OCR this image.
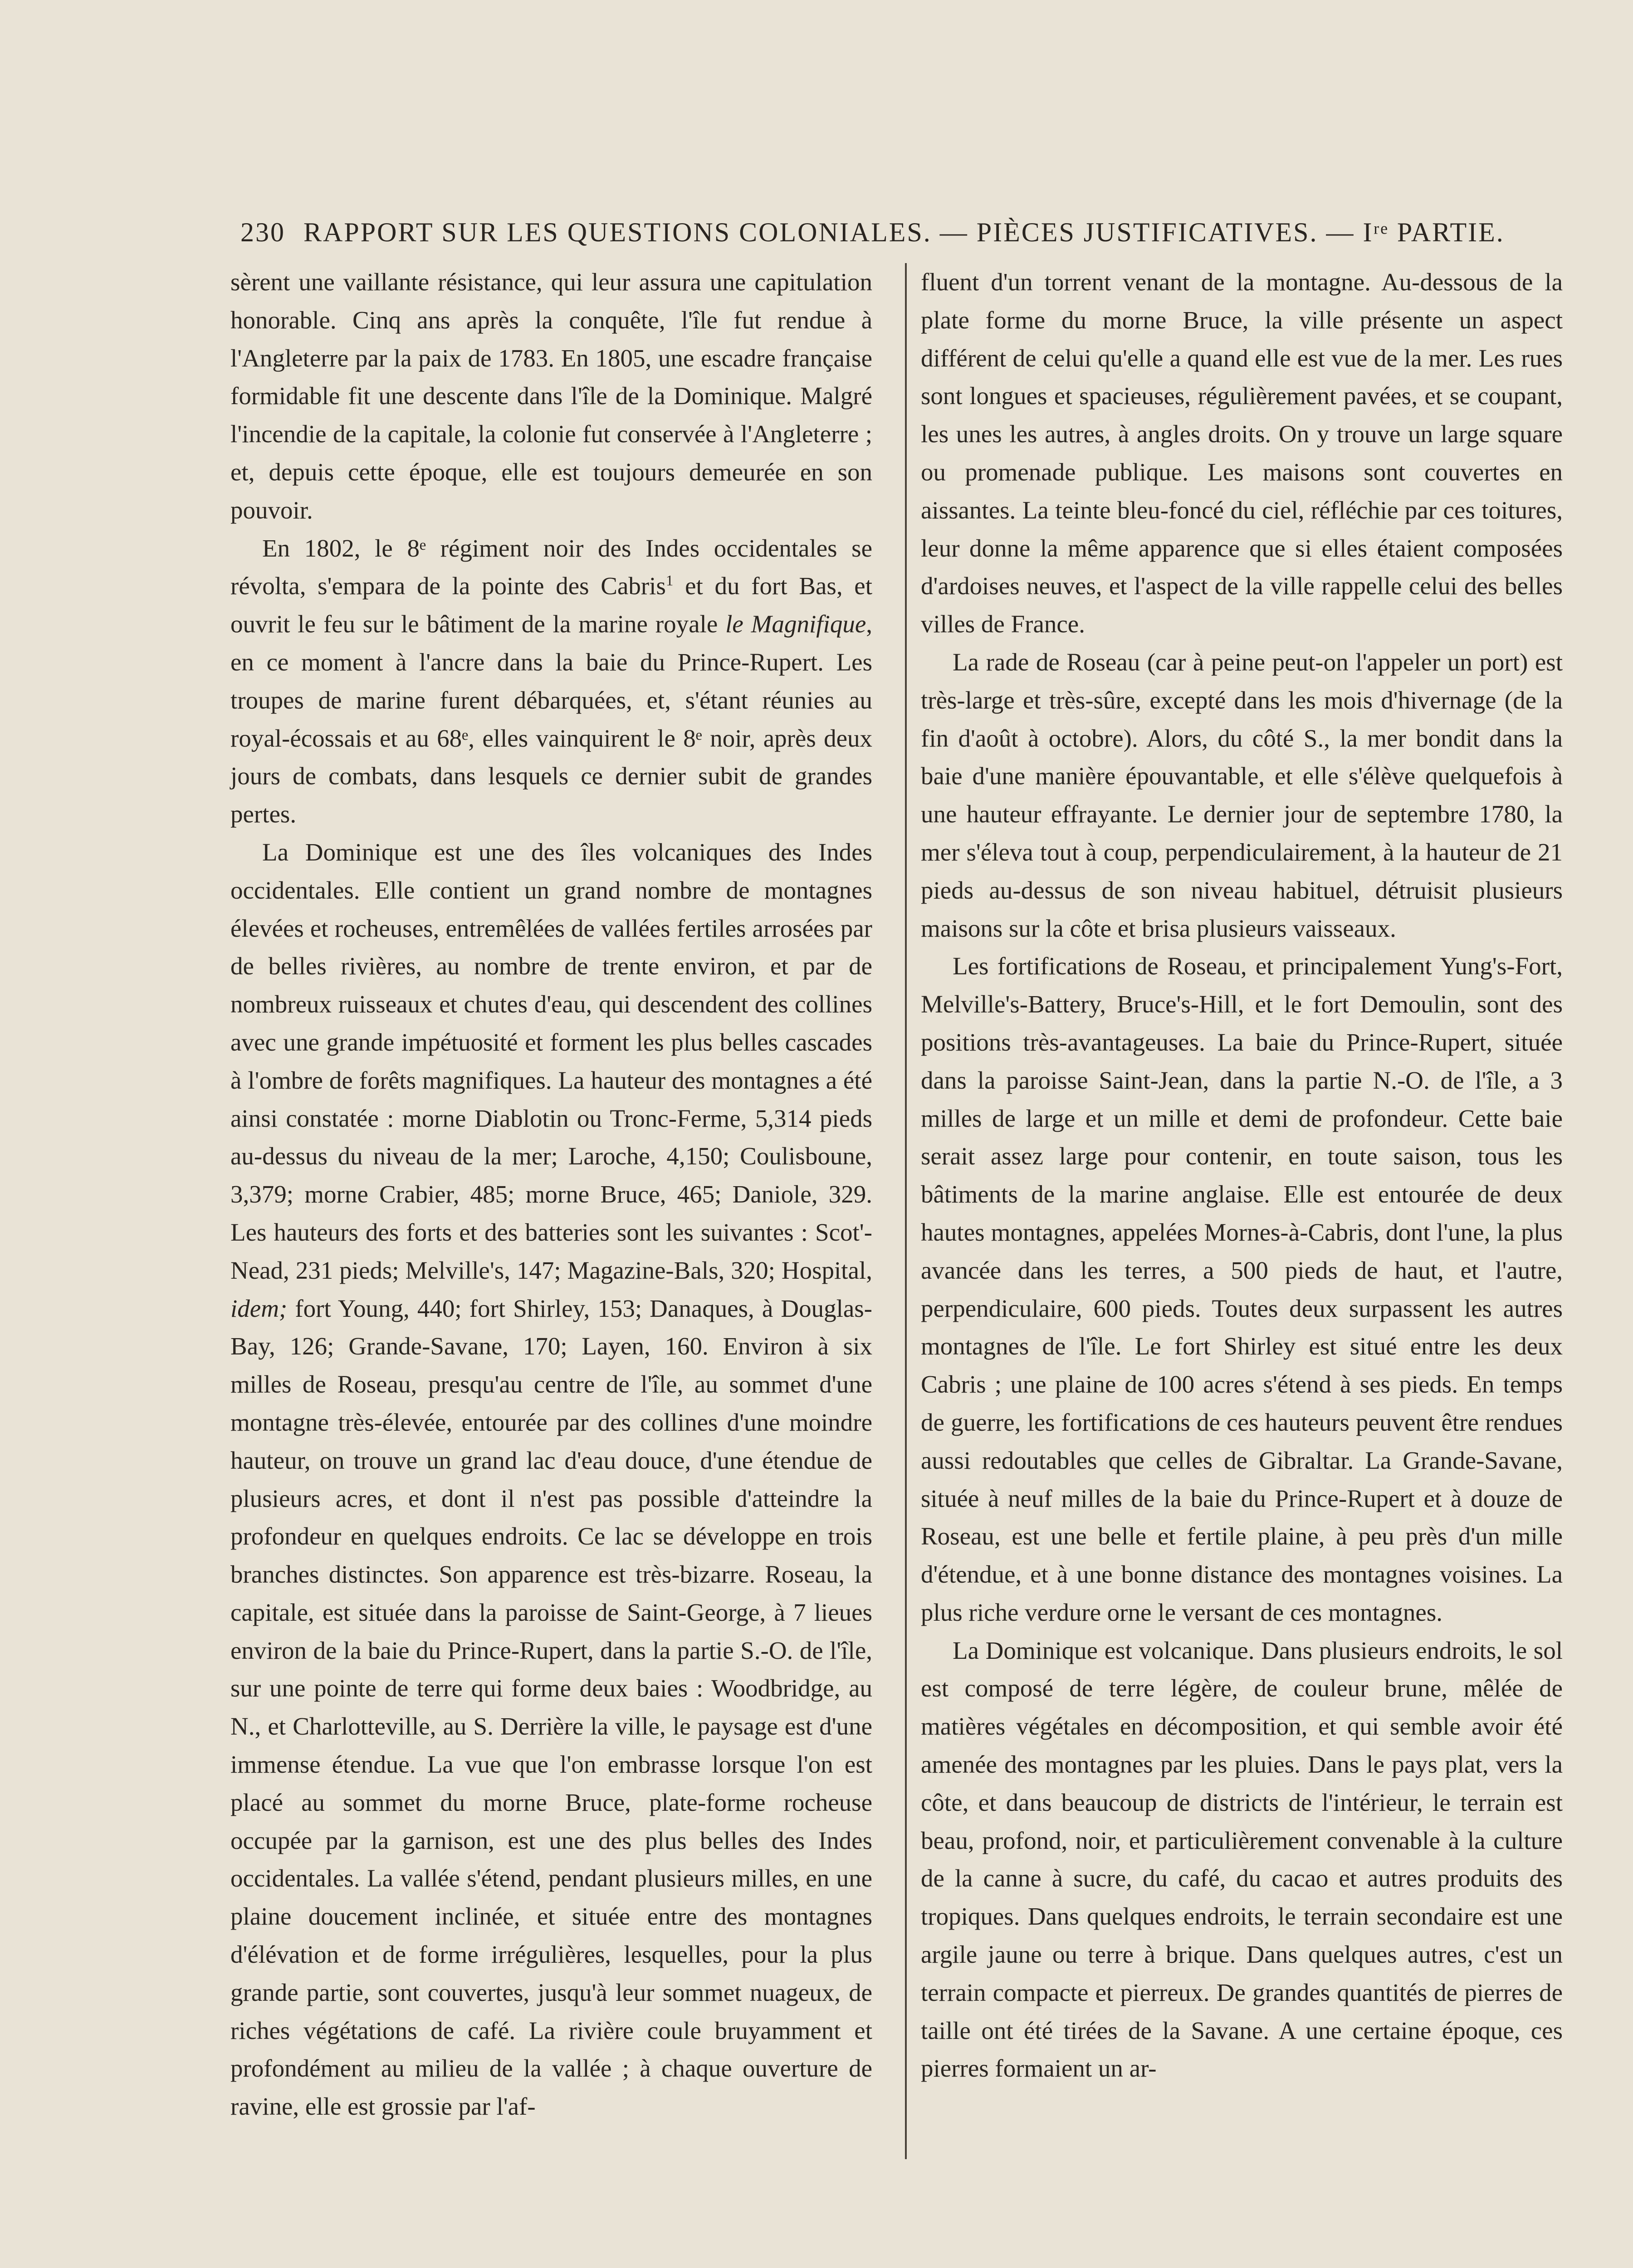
230 RAPPORT SUR LES QUESTIONS COLONIALES. — PIÈCES JUSTIFICATIVES. — Iʳᵉ PARTIE.

sèrent une vaillante résistance, qui leur assura une capitulation honorable. Cinq ans après la conquête, l'île fut rendue à l'Angleterre par la paix de 1783. En 1805, une escadre française formidable fit une descente dans l'île de la Dominique. Malgré l'incendie de la capitale, la colonie fut conservée à l'Angleterre ; et, depuis cette époque, elle est toujours demeurée en son pouvoir.

En 1802, le 8ᵉ régiment noir des Indes occidentales se révolta, s'empara de la pointe des Cabris$^1$ et du fort Bas, et ouvrit le feu sur le bâtiment de la marine royale le Magnifique, en ce moment à l'ancre dans la baie du Prince-Rupert. Les troupes de marine furent débarquées, et, s'étant réunies au royal-écossais et au 68ᵉ, elles vainquirent le 8ᵉ noir, après deux jours de combats, dans lesquels ce dernier subit de grandes pertes.

La Dominique est une des îles volcaniques des Indes occidentales. Elle contient un grand nombre de montagnes élevées et rocheuses, entremêlées de vallées fertiles arrosées par de belles rivières, au nombre de trente environ, et par de nombreux ruisseaux et chutes d'eau, qui descendent des collines avec une grande impétuosité et forment les plus belles cascades à l'ombre de forêts magnifiques. La hauteur des montagnes a été ainsi constatée : morne Diablotin ou Tronc-Ferme, 5,314 pieds au-dessus du niveau de la mer; Laroche, 4,150; Coulisboune, 3,379; morne Crabier, 485; morne Bruce, 465; Daniole, 329. Les hauteurs des forts et des batteries sont les suivantes : Scot'-Nead, 231 pieds; Melville's, 147; Magazine-Bals, 320; Hospital, idem; fort Young, 440; fort Shirley, 153; Danaques, à Douglas-Bay, 126; Grande-Savane, 170; Layen, 160. Environ à six milles de Roseau, presqu'au centre de l'île, au sommet d'une montagne très-élevée, entourée par des collines d'une moindre hauteur, on trouve un grand lac d'eau douce, d'une étendue de plusieurs acres, et dont il n'est pas possible d'atteindre la profondeur en quelques endroits. Ce lac se développe en trois branches distinctes. Son apparence est très-bizarre. Roseau, la capitale, est située dans la paroisse de Saint-George, à 7 lieues environ de la baie du Prince-Rupert, dans la partie S.-O. de l'île, sur une pointe de terre qui forme deux baies : Woodbridge, au N., et Charlotteville, au S. Derrière la ville, le paysage est d'une immense étendue. La vue que l'on embrasse lorsque l'on est placé au sommet du morne Bruce, plate-forme rocheuse occupée par la garnison, est une des plus belles des Indes occidentales. La vallée s'étend, pendant plusieurs milles, en une plaine doucement inclinée, et située entre des montagnes d'élévation et de forme irrégulières, lesquelles, pour la plus grande partie, sont couvertes, jusqu'à leur sommet nuageux, de riches végétations de café. La rivière coule bruyamment et profondément au milieu de la vallée ; à chaque ouverture de ravine, elle est grossie par l'af-

fluent d'un torrent venant de la montagne. Au-dessous de la plate forme du morne Bruce, la ville présente un aspect différent de celui qu'elle a quand elle est vue de la mer. Les rues sont longues et spacieuses, régulièrement pavées, et se coupant, les unes les autres, à angles droits. On y trouve un large square ou promenade publique. Les maisons sont couvertes en aissantes. La teinte bleu-foncé du ciel, réfléchie par ces toitures, leur donne la même apparence que si elles étaient composées d'ardoises neuves, et l'aspect de la ville rappelle celui des belles villes de France.

La rade de Roseau (car à peine peut-on l'appeler un port) est très-large et très-sûre, excepté dans les mois d'hivernage (de la fin d'août à octobre). Alors, du côté S., la mer bondit dans la baie d'une manière épouvantable, et elle s'élève quelquefois à une hauteur effrayante. Le dernier jour de septembre 1780, la mer s'éleva tout à coup, perpendiculairement, à la hauteur de 21 pieds au-dessus de son niveau habituel, détruisit plusieurs maisons sur la côte et brisa plusieurs vaisseaux.

Les fortifications de Roseau, et principalement Yung's-Fort, Melville's-Battery, Bruce's-Hill, et le fort Demoulin, sont des positions très-avantageuses. La baie du Prince-Rupert, située dans la paroisse Saint-Jean, dans la partie N.-O. de l'île, a 3 milles de large et un mille et demi de profondeur. Cette baie serait assez large pour contenir, en toute saison, tous les bâtiments de la marine anglaise. Elle est entourée de deux hautes montagnes, appelées Mornes-à-Cabris, dont l'une, la plus avancée dans les terres, a 500 pieds de haut, et l'autre, perpendiculaire, 600 pieds. Toutes deux surpassent les autres montagnes de l'île. Le fort Shirley est situé entre les deux Cabris ; une plaine de 100 acres s'étend à ses pieds. En temps de guerre, les fortifications de ces hauteurs peuvent être rendues aussi redoutables que celles de Gibraltar. La Grande-Savane, située à neuf milles de la baie du Prince-Rupert et à douze de Roseau, est une belle et fertile plaine, à peu près d'un mille d'étendue, et à une bonne distance des montagnes voisines. La plus riche verdure orne le versant de ces montagnes.

La Dominique est volcanique. Dans plusieurs endroits, le sol est composé de terre légère, de couleur brune, mêlée de matières végétales en décomposition, et qui semble avoir été amenée des montagnes par les pluies. Dans le pays plat, vers la côte, et dans beaucoup de districts de l'intérieur, le terrain est beau, profond, noir, et particulièrement convenable à la culture de la canne à sucre, du café, du cacao et autres produits des tropiques. Dans quelques endroits, le terrain secondaire est une argile jaune ou terre à brique. Dans quelques autres, c'est un terrain compacte et pierreux. De grandes quantités de pierres de taille ont été tirées de la Savane. A une certaine époque, ces pierres formaient un ar-
